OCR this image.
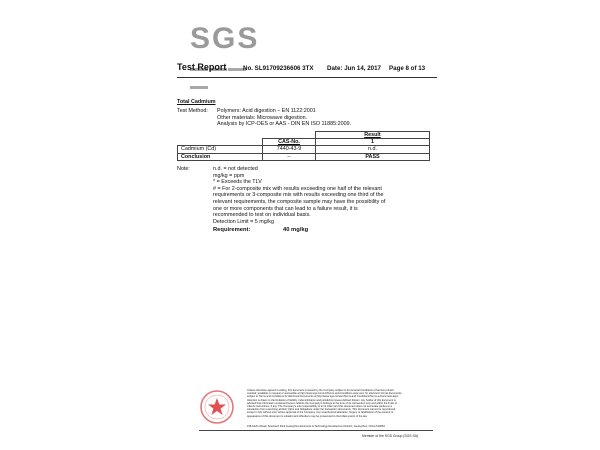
SGS
Test Report	No. SL91709236606 3TX Date: Jun 14, 2017 Page 8 of 13
Total Cadmium
Test Method: Polymers: Acid digestion – EN 1122:2001
Other materials: Microwave digestion.
Analysis by ICP-OES or AAS - DIN EN ISO 11885:2009.
		Result
	CAS-No.	1
Cadmium (Cd)	7440-43-9	n.d.
Conclusion	--	PASS
Note:	n.d. = not detected
mg/kg = ppm
* = Exceeds the TLV
# = For 2-composite mix with results exceeding one half of the relevant
requirements or 3-composite mix with results exceeding one third of the
relevant requirements, the composite sample may have the possibility of
one or more components that can lead to a failure result, it is
recommended to test on individual basis.
Detection Limit = 5 mg/kg
Requirement:	40 mg/kg
Unless otherwise agreed in writing, this document is issued by the Company subject to its General Conditions of Service printed
overleaf, available on request or accessible at http://www.sgs.com/en/Terms-and-Conditions.aspx and, for electronic format documents,
subject to Terms and Conditions for Electronic Documents at http://www.sgs.com/en/Terms-and-Conditions/Terms-e-Document.aspx.
Attention is drawn to the limitation of liability, indemnification and jurisdiction issues defined therein. Any holder of this document is
advised that information contained hereon reflects the Company's findings at the time of its intervention only and within the limits of
Client's instructions, if any. The Company's sole responsibility is to its Client and this document does not exonerate parties to a
transaction from exercising all their rights and obligations under the transaction documents. This document cannot be reproduced
except in full, without prior written approval of the Company. Any unauthorized alteration, forgery or falsification of the content or
appearance of this document is unlawful and offenders may be prosecuted to the fullest extent of the law.
198 Kezhu Road, Scientech Park Guangzhou Economic & Technology Development District, Guangzhou, China 510663
Member of the SGS Group (SGS SA)
